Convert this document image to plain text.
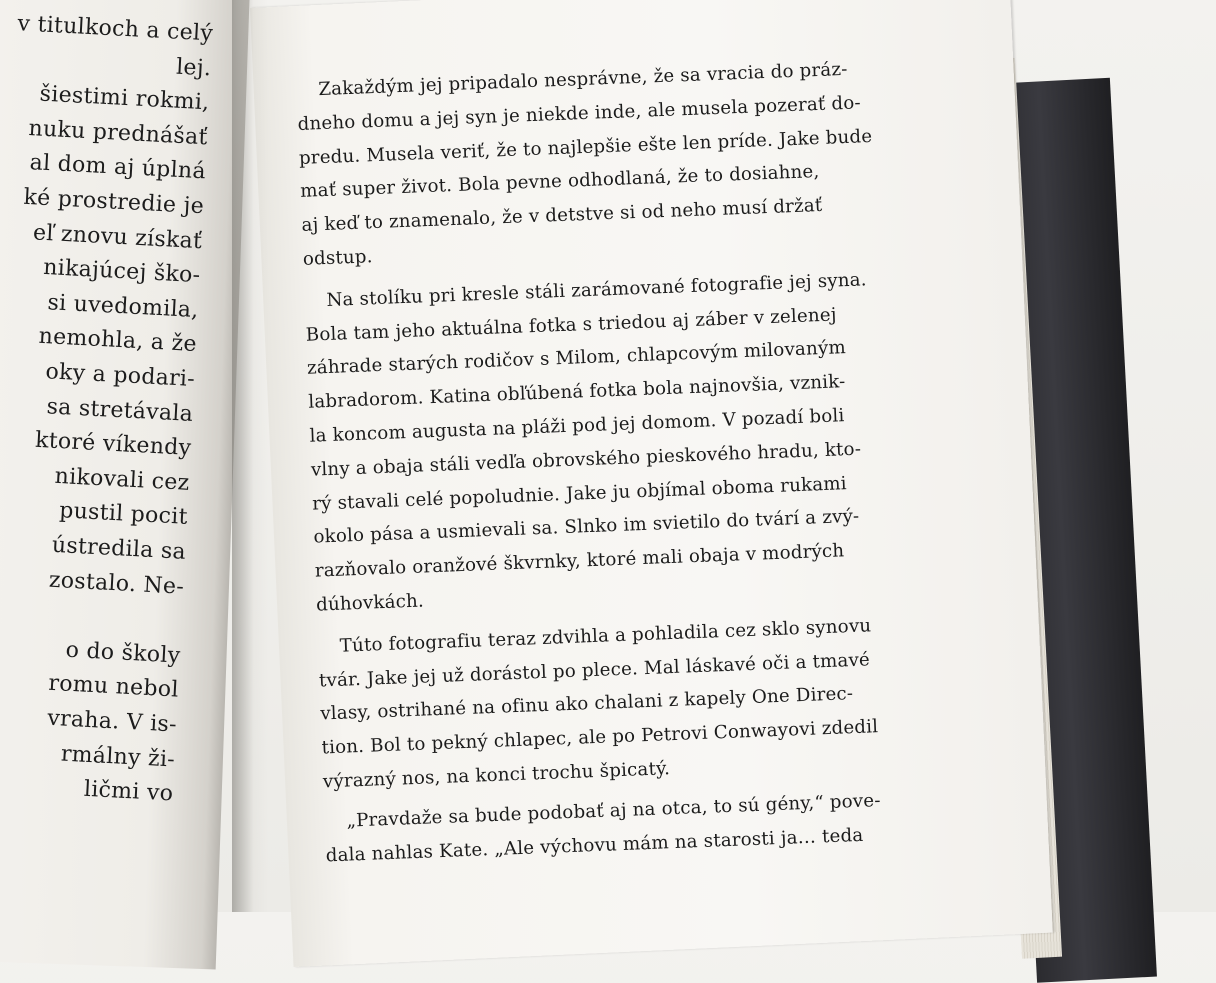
v titulkoch a celý
lej.
šiestimi rokmi,
nuku prednášať
al dom aj úplná
ké prostredie je
eľ znovu získať
nikajúcej ško-
si uvedomila,
nemohla, a že
oky a podari-
sa stretávala
ktoré víkendy
nikovali cez
pustil pocit
ústredila sa
zostalo. Ne-
o do školy
romu nebol
vraha. V is-
rmálny ži-
ličmi vo
Zakaždým jej pripadalo nesprávne, že sa vracia do práz-
dneho domu a jej syn je niekde inde, ale musela pozerať do-
predu. Musela veriť, že to najlepšie ešte len príde. Jake bude
mať super život. Bola pevne odhodlaná, že to dosiahne,
aj keď to znamenalo, že v detstve si od neho musí držať
odstup.
Na stolíku pri kresle stáli zarámované fotografie jej syna.
Bola tam jeho aktuálna fotka s triedou aj záber v zelenej
záhrade starých rodičov s Milom, chlapcovým milovaným
labradorom. Katina obľúbená fotka bola najnovšia, vznik-
la koncom augusta na pláži pod jej domom. V pozadí boli
vlny a obaja stáli vedľa obrovského pieskového hradu, kto-
rý stavali celé popoludnie. Jake ju objímal oboma rukami
okolo pása a usmievali sa. Slnko im svietilo do tvárí a zvý-
razňovalo oranžové škvrnky, ktoré mali obaja v modrých
dúhovkách.
Túto fotografiu teraz zdvihla a pohladila cez sklo synovu
tvár. Jake jej už dorástol po plece. Mal láskavé oči a tmavé
vlasy, ostrihané na ofinu ako chalani z kapely One Direc-
tion. Bol to pekný chlapec, ale po Petrovi Conwayovi zdedil
výrazný nos, na konci trochu špicatý.
„Pravdaže sa bude podobať aj na otca, to sú gény,“ pove-
dala nahlas Kate. „Ale výchovu mám na starosti ja… teda
